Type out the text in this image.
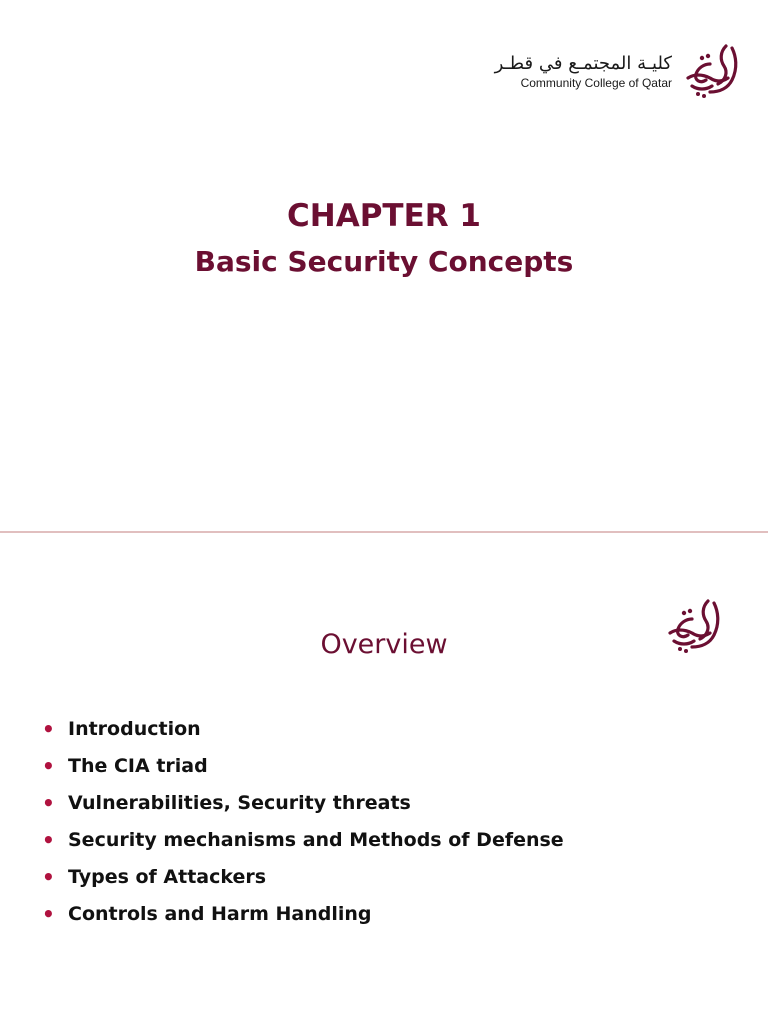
كليـة المجتمـع في قطـر
Community College of Qatar
CHAPTER 1
Basic Security Concepts
Overview
• Introduction
• The CIA triad
• Vulnerabilities, Security threats
• Security mechanisms and Methods of Defense
• Types of Attackers
• Controls and Harm Handling
